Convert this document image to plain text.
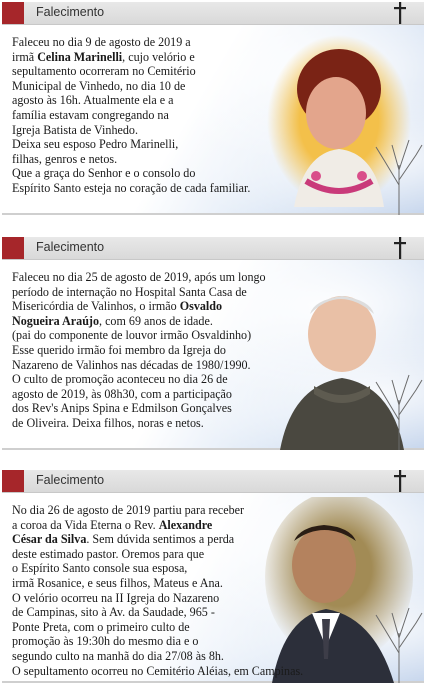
Falecimento
Faleceu no dia 9 de agosto de 2019 a
irmã Celina Marinelli, cujo velório e
sepultamento ocorreram no Cemitério
Municipal de Vinhedo, no dia 10 de
agosto às 16h. Atualmente ela e a
família estavam congregando na
Igreja Batista de Vinhedo.
Deixa seu esposo Pedro Marinelli,
filhas, genros e netos.
Que a graça do Senhor e o consolo do
Espírito Santo esteja no coração de cada familiar.
Falecimento
Faleceu no dia 25 de agosto de 2019, após um longo
período de internação no Hospital Santa Casa de
Misericórdia de Valinhos, o irmão Osvaldo
Nogueira Araújo, com 69 anos de idade.
(pai do componente de louvor irmão Osvaldinho)
Esse querido irmão foi membro da Igreja do
Nazareno de Valinhos nas décadas de 1980/1990.
O culto de promoção aconteceu no dia 26 de
agosto de 2019, às 08h30, com a participação
dos Rev's Anips Spina e Edmilson Gonçalves
de Oliveira. Deixa filhos, noras e netos.
Falecimento
No dia 26 de agosto de 2019 partiu para receber
a coroa da Vida Eterna o Rev. Alexandre
César da Silva. Sem dúvida sentimos a perda
deste estimado pastor. Oremos para que
o Espírito Santo console sua esposa,
irmã Rosanice, e seus filhos, Mateus e Ana.
O velório ocorreu na II Igreja do Nazareno
de Campinas, sito à Av. da Saudade, 965 -
Ponte Preta, com o primeiro culto de
promoção às 19:30h do mesmo dia e o
segundo culto na manhã do dia 27/08 às 8h.
O sepultamento ocorreu no Cemitério Aléias, em Campinas.
